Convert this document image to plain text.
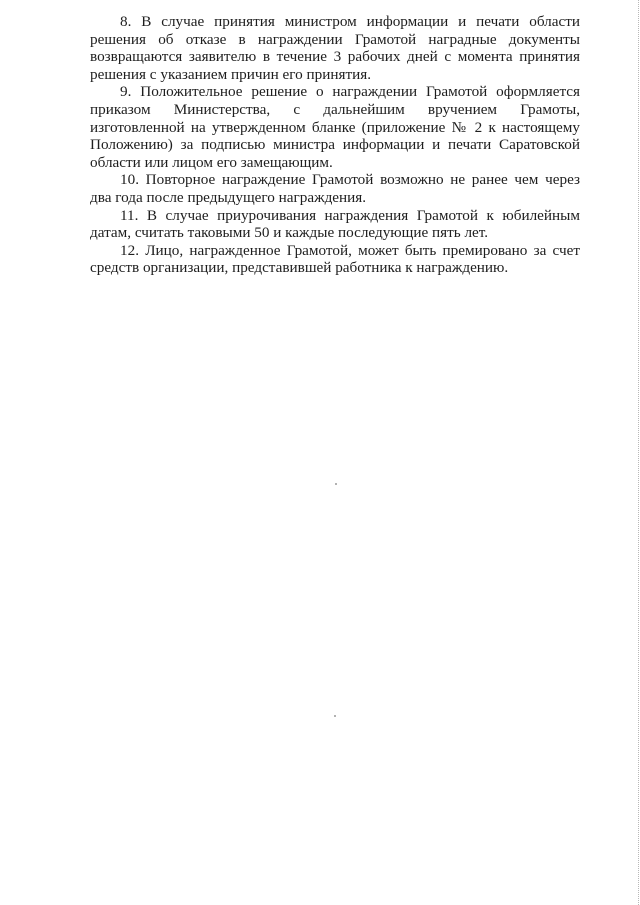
8. В случае принятия министром информации и печати области решения об отказе в награждении Грамотой наградные документы возвращаются заявителю в течение 3 рабочих дней с момента принятия решения с указанием причин его принятия.

9. Положительное решение о награждении Грамотой оформляется приказом Министерства, с дальнейшим вручением Грамоты, изготовленной на утвержденном бланке (приложение № 2 к настоящему Положению) за подписью министра информации и печати Саратовской области или лицом его замещающим.

10. Повторное награждение Грамотой возможно не ранее чем через два года после предыдущего награждения.

11. В случае приурочивания награждения Грамотой к юбилейным датам, считать таковыми 50 и каждые последующие пять лет.

12. Лицо, награжденное Грамотой, может быть премировано за счет средств организации, представившей работника к награждению.
